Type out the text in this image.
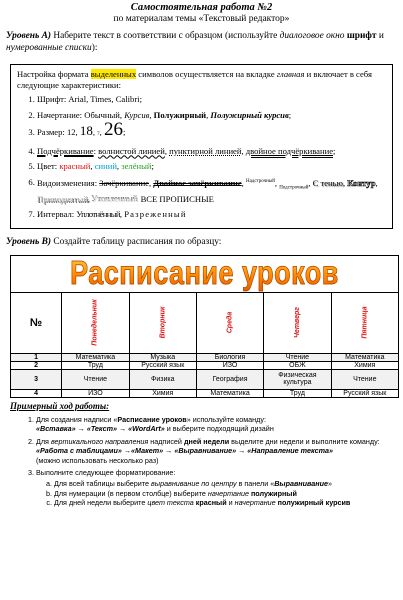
Самостоятельная работа №2
по материалам темы «Текстовый редактор»
Уровень А) Наберите текст в соответствии с образцом (используйте диалоговое окно шрифт и нумерованные списки):
Настройка формата выделенных символов осуществляется на вкладке главная и включает в себя следующие характеристики:
1. Шрифт: Arial, Times, Calibri;
2. Начертание: Обычный, Курсив, Полужирный, Полужирный курсив;
3. Размер: 12, 18, 7, 26;
4. Подчёркивание: волнистой линией, пунктирной линией, двойное подчёркивание;
5. Цвет: красный, синий, зелёный;
6. Видоизменения: Зачёркивание, Двойное зачёркивание, $^{Надстрочный}$, $_{Подстрочный}$, С тенью, Контур, Приподнятый, Утопленный ВСЕ ПРОПИСНЫЕ
7. Интервал: Уплотнённый, Разреженный
Уровень В) Создайте таблицу расписания по образцу:
Расписание уроков					
№	Понедельник	Вторник	Среда	Четверг	Пятница
1	Математика	Музыка	Биология	Чтение	Математика
2	Труд	Русский язык	ИЗО	ОБЖ	Химия
3	Чтение	Физика	География	Физическая культура	Чтение
4	ИЗО	Химия	Математика	Труд	Русский язык
Примерный ход работы:
1. Для создания надписи «Расписание уроков» используйте команду:
«Вставка» → «Текст» → «WordArt» и выберите подходящий дизайн
2. Для вертикального направления надписей дней недели выделите дни недели и выполните команду:
«Работа с таблицами» →«Макет» → «Выравнивание» → «Направление текста»
(можно использовать несколько раз)
3. Выполните следующее форматирование:
a. Для всей таблицы выберите выравнивание по центру в панели «Выравнивание»
b. Для нумерации (в первом столбце) выберите начертание полужирный
c. Для дней недели выберите цвет текста красный и начертание полужирный курсив
